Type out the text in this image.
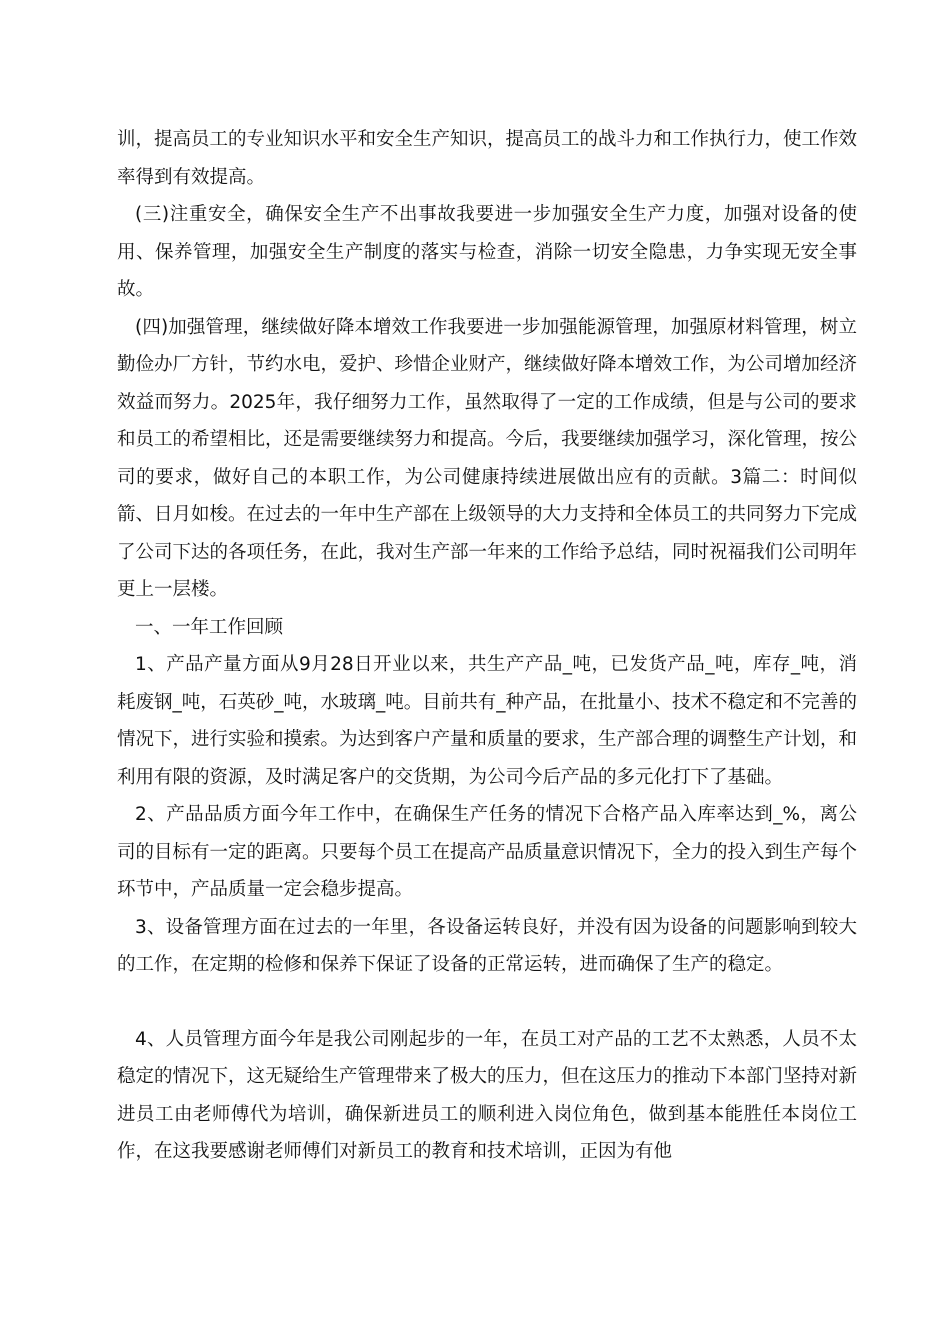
训，提高员工的专业知识水平和安全生产知识，提高员工的战斗力和工作执行力，使工作效率得到有效提高。

(三)注重安全，确保安全生产不出事故我要进一步加强安全生产力度，加强对设备的使用、保养管理，加强安全生产制度的落实与检查，消除一切安全隐患，力争实现无安全事故。

(四)加强管理，继续做好降本增效工作我要进一步加强能源管理，加强原材料管理，树立勤俭办厂方针，节约水电，爱护、珍惜企业财产，继续做好降本增效工作，为公司增加经济效益而努力。2025年，我仔细努力工作，虽然取得了一定的工作成绩，但是与公司的要求和员工的希望相比，还是需要继续努力和提高。今后，我要继续加强学习，深化管理，按公司的要求，做好自己的本职工作，为公司健康持续进展做出应有的贡献。3篇二：时间似箭、日月如梭。在过去的一年中生产部在上级领导的大力支持和全体员工的共同努力下完成了公司下达的各项任务，在此，我对生产部一年来的工作给予总结，同时祝福我们公司明年更上一层楼。

一、一年工作回顾

1、产品产量方面从9月28日开业以来，共生产产品_吨，已发货产品_吨，库存_吨，消耗废钢_吨，石英砂_吨，水玻璃_吨。目前共有_种产品，在批量小、技术不稳定和不完善的情况下，进行实验和摸索。为达到客户产量和质量的要求，生产部合理的调整生产计划，和利用有限的资源，及时满足客户的交货期，为公司今后产品的多元化打下了基础。

2、产品品质方面今年工作中，在确保生产任务的情况下合格产品入库率达到_%，离公司的目标有一定的距离。只要每个员工在提高产品质量意识情况下，全力的投入到生产每个环节中，产品质量一定会稳步提高。

3、设备管理方面在过去的一年里，各设备运转良好，并没有因为设备的问题影响到较大的工作，在定期的检修和保养下保证了设备的正常运转，进而确保了生产的稳定。

4、人员管理方面今年是我公司刚起步的一年，在员工对产品的工艺不太熟悉，人员不太稳定的情况下，这无疑给生产管理带来了极大的压力，但在这压力的推动下本部门坚持对新进员工由老师傅代为培训，确保新进员工的顺利进入岗位角色，做到基本能胜任本岗位工作，在这我要感谢老师傅们对新员工的教育和技术培训，正因为有他
